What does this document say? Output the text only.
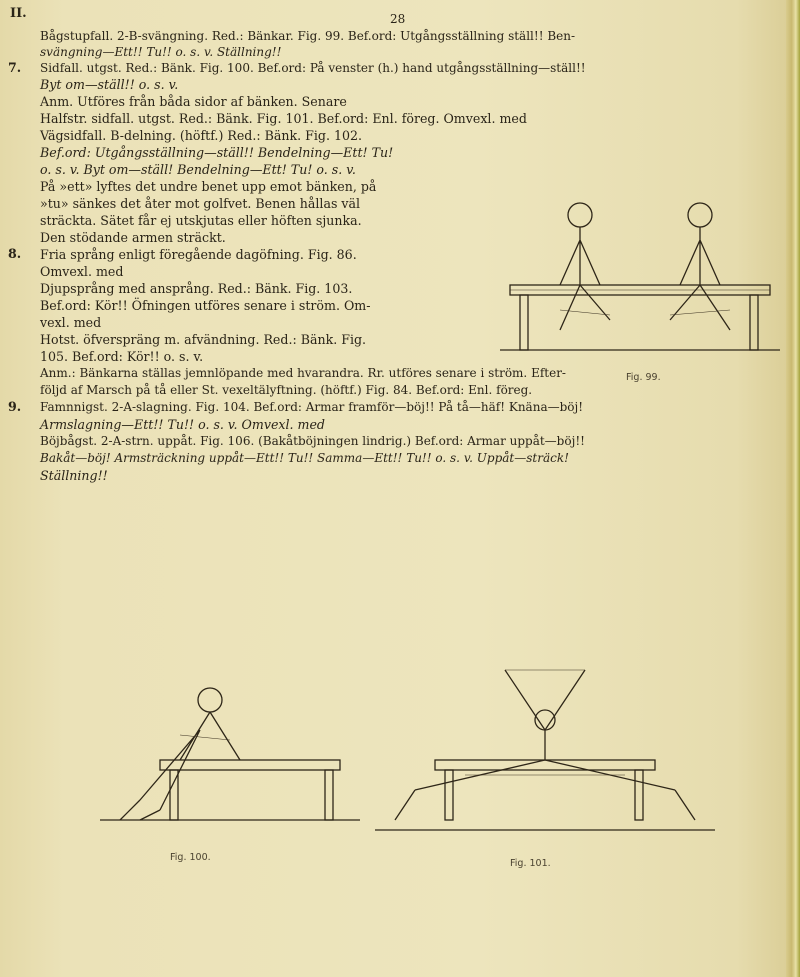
II.	28
Bågstupfall. 2-B-svängning. Red.: Bänkar. Fig. 99. Bef.ord: Utgångsställning ställ!! Ben-
svängning—Ett!! Tu!! o. s. v. Ställning!!
7. Sidfall. utgst. Red.: Bänk. Fig. 100. Bef.ord: På venster (h.) hand utgångsställning—ställ!!
Byt om—ställ!! o. s. v.
Anm. Utföres från båda sidor af bänken. Senare
Halfstr. sidfall. utgst. Red.: Bänk. Fig. 101. Bef.ord: Enl. föreg. Omvexl. med
Vägsidfall. B-delning. (höftf.) Red.: Bänk. Fig. 102.
Bef.ord: Utgångsställning—ställ!! Bendelning—Ett! Tu!
o. s. v. Byt om—ställ! Bendelning—Ett! Tu! o. s. v.
På »ett» lyftes det undre benet upp emot bänken, på
»tu» sänkes det åter mot golfvet. Benen hållas väl
sträckta. Sätet får ej utskjutas eller höften sjunka.
Den stödande armen sträckt.
8. Fria språng enligt föregående dagöfning. Fig. 86.
Omvexl. med
Djupsprång med ansprång. Red.: Bänk. Fig. 103.
Bef.ord: Kör!! Öfningen utföres senare i ström. Om-
vexl. med
Hotst. öfverspräng m. afvändning. Red.: Bänk. Fig.
105. Bef.ord: Kör!! o. s. v.
Anm.: Bänkarna ställas jemnlöpande med hvarandra. Rr. utföres senare i ström. Efter-
följd af Marsch på tå eller St. vexeltälyftning. (höftf.) Fig. 84. Bef.ord: Enl. föreg.
9. Famnnigst. 2-A-slagning. Fig. 104. Bef.ord: Armar framför—böj!! På tå—häf! Knäna—böj!
Armslagning—Ett!! Tu!! o. s. v. Omvexl. med
Böjbågst. 2-A-strn. uppåt. Fig. 106. (Bakåtböjningen lindrig.) Bef.ord: Armar uppåt—böj!!
Bakåt—böj! Armsträckning uppåt—Ett!! Tu!! Samma—Ett!! Tu!! o. s. v. Uppåt—sträck!
Ställning!!
Fig. 99.
Fig. 100.
Fig. 101.
